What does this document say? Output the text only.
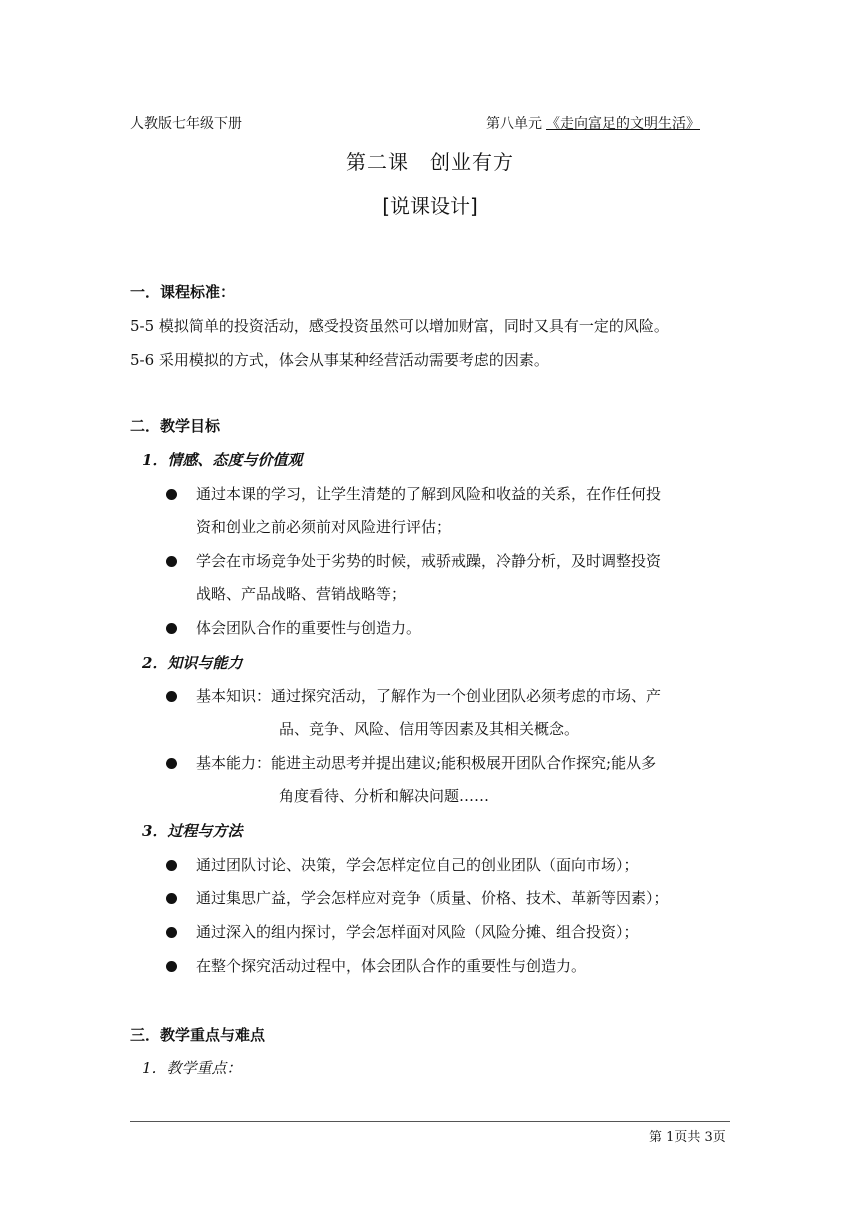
人教版七年级下册	第八单元 《走向富足的文明生活》
第二课　创业有方
[说课设计]
一．课程标准：
5-5 模拟简单的投资活动，感受投资虽然可以增加财富，同时又具有一定的风险。
5-6 采用模拟的方式，体会从事某种经营活动需要考虑的因素。
二．教学目标
1．情感、态度与价值观
通过本课的学习，让学生清楚的了解到风险和收益的关系，在作任何投
资和创业之前必须前对风险进行评估；
学会在市场竞争处于劣势的时候，戒骄戒躁，冷静分析，及时调整投资
战略、产品战略、营销战略等；
体会团队合作的重要性与创造力。
2．知识与能力
基本知识：通过探究活动，了解作为一个创业团队必须考虑的市场、产
品、竞争、风险、信用等因素及其相关概念。
基本能力：能进主动思考并提出建议;能积极展开团队合作探究;能从多
角度看待、分析和解决问题……
3．过程与方法
通过团队讨论、决策，学会怎样定位自己的创业团队（面向市场）；
通过集思广益，学会怎样应对竞争（质量、价格、技术、革新等因素）；
通过深入的组内探讨，学会怎样面对风险（风险分摊、组合投资）；
在整个探究活动过程中，体会团队合作的重要性与创造力。
三．教学重点与难点
1．教学重点：
第 1页共 3页
